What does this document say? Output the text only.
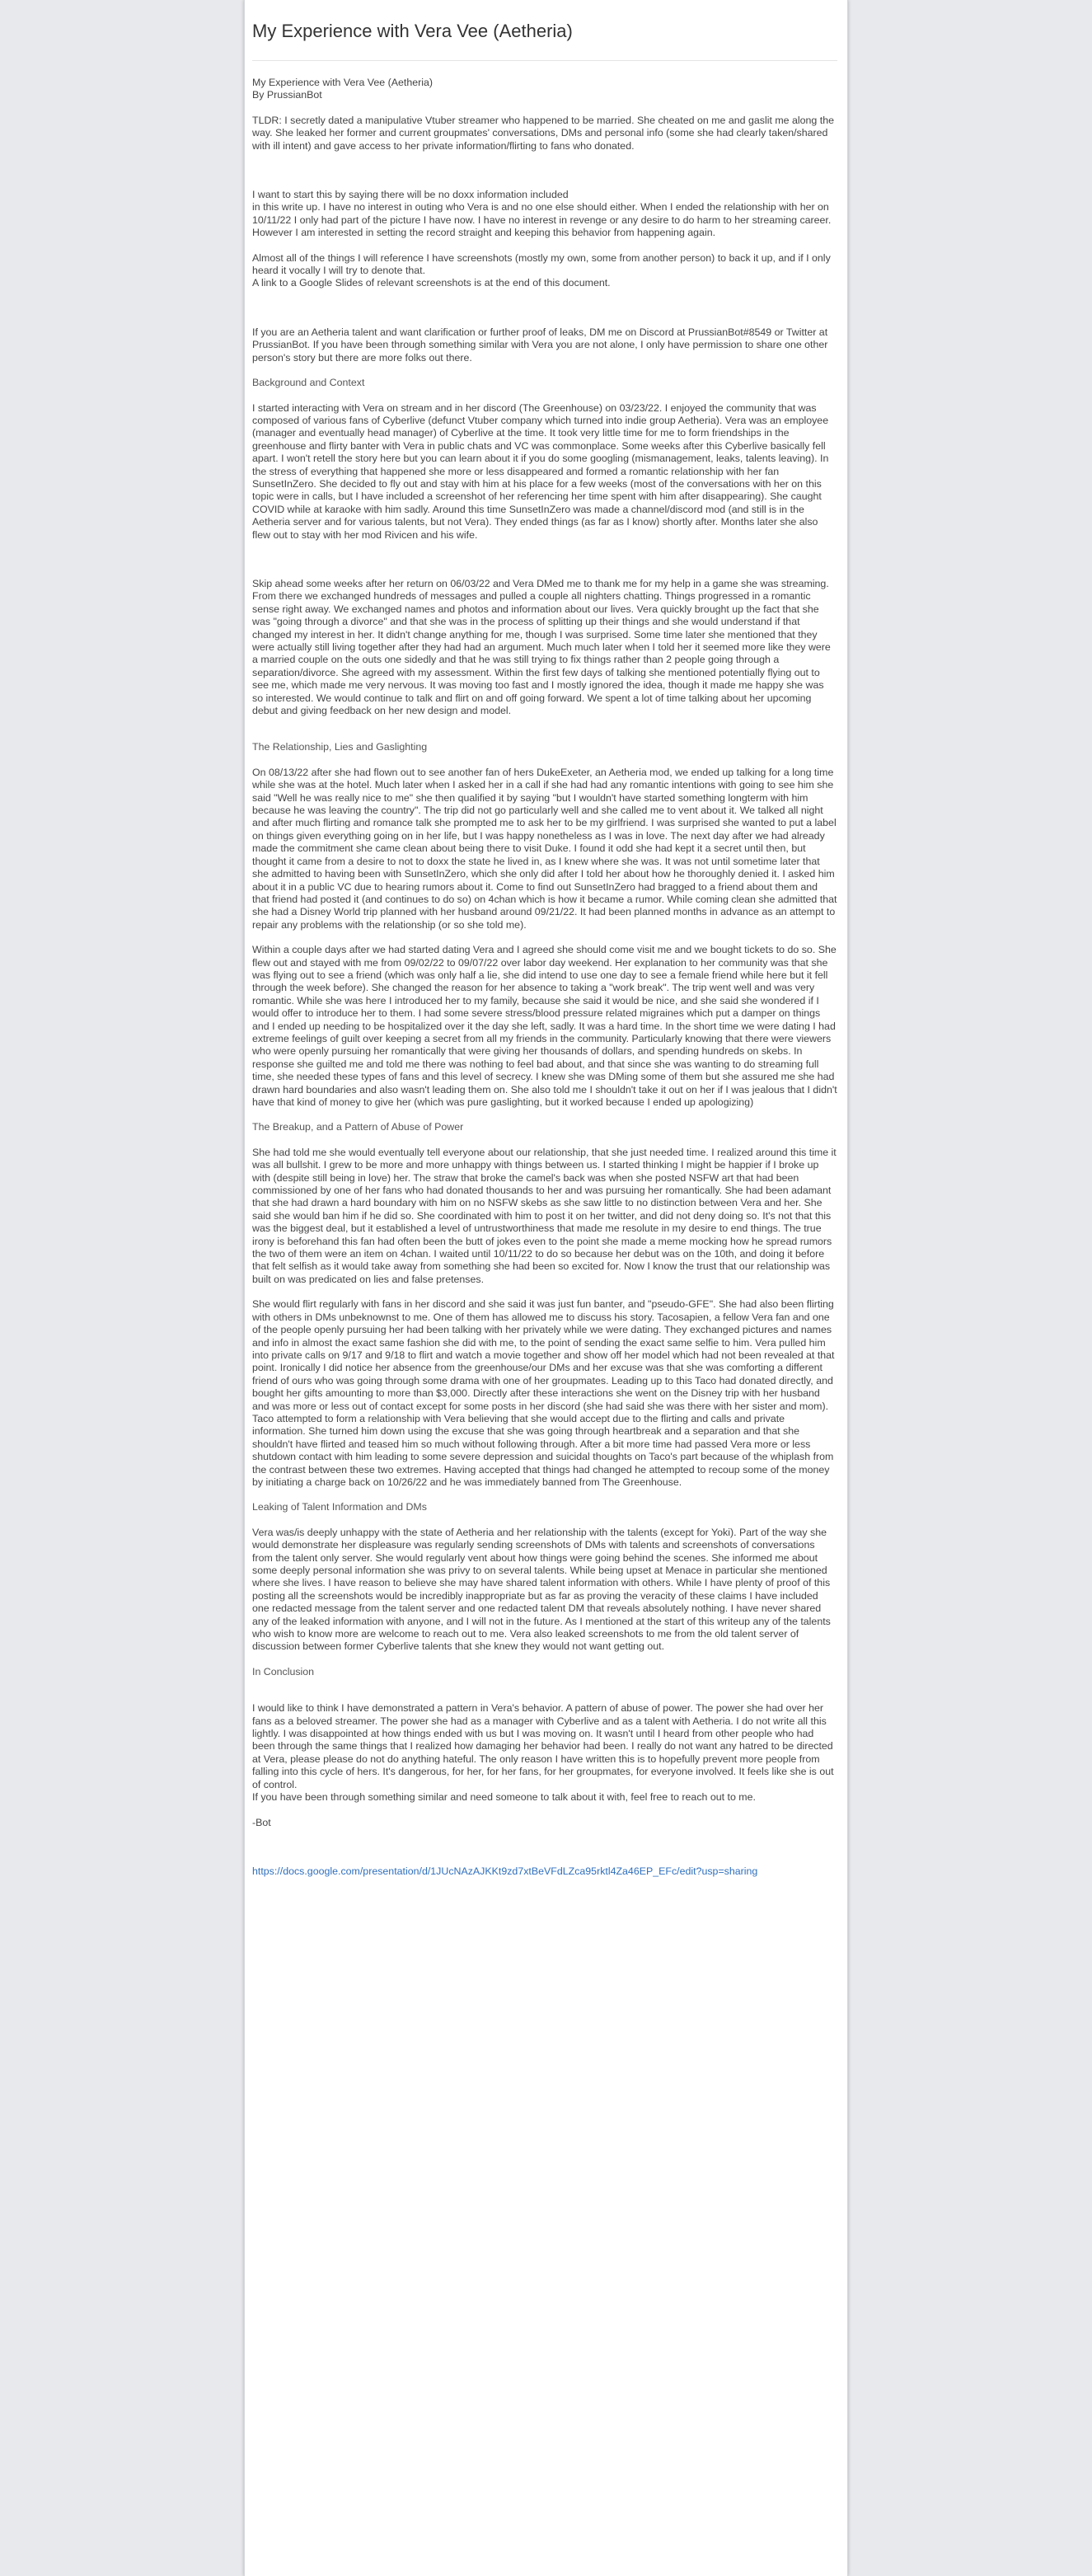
My Experience with Vera Vee (Aetheria)

My Experience with Vera Vee (Aetheria)

By PrussianBot

TLDR: I secretly dated a manipulative Vtuber streamer who happened to be married. She cheated on me and gaslit me along the way. She leaked her former and current groupmates' conversations, DMs and personal info (some she had clearly taken/shared with ill intent) and gave access to her private information/flirting to fans who donated.

I want to start this by saying there will be no doxx information included
in this write up. I have no interest in outing who Vera is and no one else should either. When I ended the relationship with her on 10/11/22 I only had part of the picture I have now. I have no interest in revenge or any desire to do harm to her streaming career. However I am interested in setting the record straight and keeping this behavior from happening again.

Almost all of the things I will reference I have screenshots (mostly my own, some from another person) to back it up, and if I only heard it vocally I will try to denote that.
A link to a Google Slides of relevant screenshots is at the end of this document.

If you are an Aetheria talent and want clarification or further proof of leaks, DM me on Discord at PrussianBot#8549 or Twitter at PrussianBot. If you have been through something similar with Vera you are not alone, I only have permission to share one other person's story but there are more folks out there.

Background and Context

I started interacting with Vera on stream and in her discord (The Greenhouse) on 03/23/22. I enjoyed the community that was composed of various fans of Cyberlive (defunct Vtuber company which turned into indie group Aetheria). Vera was an employee (manager and eventually head manager) of Cyberlive at the time. It took very little time for me to form friendships in the greenhouse and flirty banter with Vera in public chats and VC was commonplace. Some weeks after this Cyberlive basically fell apart. I won't retell the story here but you can learn about it if you do some googling (mismanagement, leaks, talents leaving). In the stress of everything that happened she more or less disappeared and formed a romantic relationship with her fan SunsetInZero. She decided to fly out and stay with him at his place for a few weeks (most of the conversations with her on this topic were in calls, but I have included a screenshot of her referencing her time spent with him after disappearing). She caught COVID while at karaoke with him sadly. Around this time SunsetInZero was made a channel/discord mod (and still is in the Aetheria server and for various talents, but not Vera). They ended things (as far as I know) shortly after. Months later she also flew out to stay with her mod Rivicen and his wife.

Skip ahead some weeks after her return on 06/03/22 and Vera DMed me to thank me for my help in a game she was streaming. From there we exchanged hundreds of messages and pulled a couple all nighters chatting. Things progressed in a romantic sense right away. We exchanged names and photos and information about our lives. Vera quickly brought up the fact that she was "going through a divorce" and that she was in the process of splitting up their things and she would understand if that changed my interest in her. It didn't change anything for me, though I was surprised. Some time later she mentioned that they were actually still living together after they had had an argument. Much much later when I told her it seemed more like they were a married couple on the outs one sidedly and that he was still trying to fix things rather than 2 people going through a separation/divorce. She agreed with my assessment. Within the first few days of talking she mentioned potentially flying out to see me, which made me very nervous. It was moving too fast and I mostly ignored the idea, though it made me happy she was so interested. We would continue to talk and flirt on and off going forward. We spent a lot of time talking about her upcoming debut and giving feedback on her new design and model.

The Relationship, Lies and Gaslighting

On 08/13/22 after she had flown out to see another fan of hers DukeExeter, an Aetheria mod, we ended up talking for a long time while she was at the hotel. Much later when I asked her in a call if she had had any romantic intentions with going to see him she said "Well he was really nice to me" she then qualified it by saying "but I wouldn't have started something longterm with him because he was leaving the country". The trip did not go particularly well and she called me to vent about it. We talked all night and after much flirting and romance talk she prompted me to ask her to be my girlfriend. I was surprised she wanted to put a label on things given everything going on in her life, but I was happy nonetheless as I was in love. The next day after we had already made the commitment she came clean about being there to visit Duke. I found it odd she had kept it a secret until then, but thought it came from a desire to not to doxx the state he lived in, as I knew where she was. It was not until sometime later that she admitted to having been with SunsetInZero, which she only did after I told her about how he thoroughly denied it. I asked him about it in a public VC due to hearing rumors about it. Come to find out SunsetInZero had bragged to a friend about them and that friend had posted it (and continues to do so) on 4chan which is how it became a rumor. While coming clean she admitted that she had a Disney World trip planned with her husband around 09/21/22. It had been planned months in advance as an attempt to repair any problems with the relationship (or so she told me).

Within a couple days after we had started dating Vera and I agreed she should come visit me and we bought tickets to do so. She flew out and stayed with me from 09/02/22 to 09/07/22 over labor day weekend. Her explanation to her community was that she was flying out to see a friend (which was only half a lie, she did intend to use one day to see a female friend while here but it fell through the week before). She changed the reason for her absence to taking a "work break". The trip went well and was very romantic. While she was here I introduced her to my family, because she said it would be nice, and she said she wondered if I would offer to introduce her to them. I had some severe stress/blood pressure related migraines which put a damper on things and I ended up needing to be hospitalized over it the day she left, sadly. It was a hard time. In the short time we were dating I had extreme feelings of guilt over keeping a secret from all my friends in the community. Particularly knowing that there were viewers who were openly pursuing her romantically that were giving her thousands of dollars, and spending hundreds on skebs. In response she guilted me and told me there was nothing to feel bad about, and that since she was wanting to do streaming full time, she needed these types of fans and this level of secrecy. I knew she was DMing some of them but she assured me she had drawn hard boundaries and also wasn't leading them on. She also told me I shouldn't take it out on her if I was jealous that I didn't have that kind of money to give her (which was pure gaslighting, but it worked because I ended up apologizing)

The Breakup, and a Pattern of Abuse of Power

She had told me she would eventually tell everyone about our relationship, that she just needed time. I realized around this time it was all bullshit. I grew to be more and more unhappy with things between us. I started thinking I might be happier if I broke up with (despite still being in love) her. The straw that broke the camel's back was when she posted NSFW art that had been commissioned by one of her fans who had donated thousands to her and was pursuing her romantically. She had been adamant that she had drawn a hard boundary with him on no NSFW skebs as she saw little to no distinction between Vera and her. She said she would ban him if he did so. She coordinated with him to post it on her twitter, and did not deny doing so. It's not that this was the biggest deal, but it established a level of untrustworthiness that made me resolute in my desire to end things. The true irony is beforehand this fan had often been the butt of jokes even to the point she made a meme mocking how he spread rumors the two of them were an item on 4chan. I waited until 10/11/22 to do so because her debut was on the 10th, and doing it before that felt selfish as it would take away from something she had been so excited for. Now I know the trust that our relationship was built on was predicated on lies and false pretenses.

She would flirt regularly with fans in her discord and she said it was just fun banter, and "pseudo-GFE". She had also been flirting with others in DMs unbeknownst to me. One of them has allowed me to discuss his story. Tacosapien, a fellow Vera fan and one of the people openly pursuing her had been talking with her privately while we were dating. They exchanged pictures and names and info in almost the exact same fashion she did with me, to the point of sending the exact same selfie to him. Vera pulled him into private calls on 9/17 and 9/18 to flirt and watch a movie together and show off her model which had not been revealed at that point. Ironically I did notice her absence from the greenhouse/our DMs and her excuse was that she was comforting a different friend of ours who was going through some drama with one of her groupmates. Leading up to this Taco had donated directly, and bought her gifts amounting to more than $3,000. Directly after these interactions she went on the Disney trip with her husband and was more or less out of contact except for some posts in her discord (she had said she was there with her sister and mom). Taco attempted to form a relationship with Vera believing that she would accept due to the flirting and calls and private information. She turned him down using the excuse that she was going through heartbreak and a separation and that she shouldn't have flirted and teased him so much without following through. After a bit more time had passed Vera more or less shutdown contact with him leading to some severe depression and suicidal thoughts on Taco's part because of the whiplash from the contrast between these two extremes. Having accepted that things had changed he attempted to recoup some of the money by initiating a charge back on 10/26/22 and he was immediately banned from The Greenhouse.

Leaking of Talent Information and DMs

Vera was/is deeply unhappy with the state of Aetheria and her relationship with the talents (except for Yoki). Part of the way she would demonstrate her displeasure was regularly sending screenshots of DMs with talents and screenshots of conversations from the talent only server. She would regularly vent about how things were going behind the scenes. She informed me about some deeply personal information she was privy to on several talents. While being upset at Menace in particular she mentioned where she lives. I have reason to believe she may have shared talent information with others. While I have plenty of proof of this posting all the screenshots would be incredibly inappropriate but as far as proving the veracity of these claims I have included one redacted message from the talent server and one redacted talent DM that reveals absolutely nothing. I have never shared any of the leaked information with anyone, and I will not in the future. As I mentioned at the start of this writeup any of the talents who wish to know more are welcome to reach out to me. Vera also leaked screenshots to me from the old talent server of discussion between former Cyberlive talents that she knew they would not want getting out.

In Conclusion

I would like to think I have demonstrated a pattern in Vera's behavior. A pattern of abuse of power. The power she had over her fans as a beloved streamer. The power she had as a manager with Cyberlive and as a talent with Aetheria. I do not write all this lightly. I was disappointed at how things ended with us but I was moving on. It wasn't until I heard from other people who had been through the same things that I realized how damaging her behavior had been. I really do not want any hatred to be directed at Vera, please please do not do anything hateful. The only reason I have written this is to hopefully prevent more people from falling into this cycle of hers. It's dangerous, for her, for her fans, for her groupmates, for everyone involved. It feels like she is out of control.
If you have been through something similar and need someone to talk about it with, feel free to reach out to me.

-Bot

https://docs.google.com/presentation/d/1JUcNAzAJKKt9zd7xtBeVFdLZca95rktl4Za46EP_EFc/edit?usp=sharing
